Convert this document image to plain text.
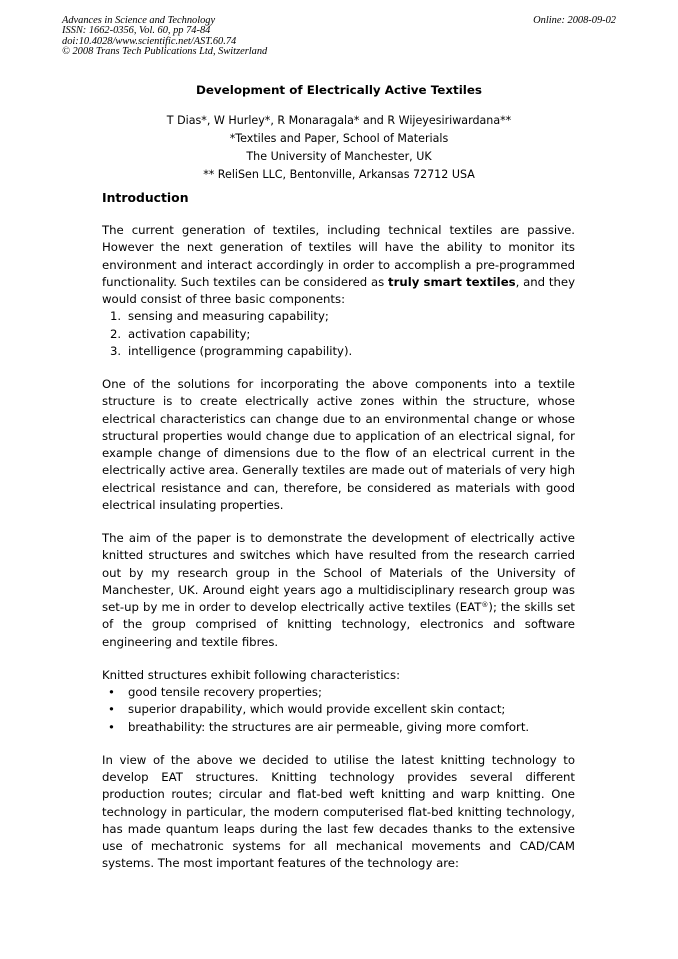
Advances in Science and Technology
ISSN: 1662-0356, Vol. 60, pp 74-84
doi:10.4028/www.scientific.net/AST.60.74
© 2008 Trans Tech Publications Ltd, Switzerland
Online: 2008-09-02
Development of Electrically Active Textiles
T Dias*, W Hurley*, R Monaragala* and R Wijeyesiriwardana**
*Textiles and Paper, School of Materials
The University of Manchester, UK
** ReliSen LLC, Bentonville, Arkansas 72712 USA
Introduction

The current generation of textiles, including technical textiles are passive. However the next generation of textiles will have the ability to monitor its environment and interact accordingly in order to accomplish a pre-programmed functionality. Such textiles can be considered as truly smart textiles, and they would consist of three basic components:

1. sensing and measuring capability;
2. activation capability;
3. intelligence (programming capability).

One of the solutions for incorporating the above components into a textile structure is to create electrically active zones within the structure, whose electrical characteristics can change due to an environmental change or whose structural properties would change due to application of an electrical signal, for example change of dimensions due to the flow of an electrical current in the electrically active area. Generally textiles are made out of materials of very high electrical resistance and can, therefore, be considered as materials with good electrical insulating properties.

The aim of the paper is to demonstrate the development of electrically active knitted structures and switches which have resulted from the research carried out by my research group in the School of Materials of the University of Manchester, UK. Around eight years ago a multidisciplinary research group was set-up by me in order to develop electrically active textiles (EAT®); the skills set of the group comprised of knitting technology, electronics and software engineering and textile fibres.

Knitted structures exhibit following characteristics:

• good tensile recovery properties;
• superior drapability, which would provide excellent skin contact;
• breathability: the structures are air permeable, giving more comfort.

In view of the above we decided to utilise the latest knitting technology to develop EAT structures. Knitting technology provides several different production routes; circular and flat-bed weft knitting and warp knitting. One technology in particular, the modern computerised flat-bed knitting technology, has made quantum leaps during the last few decades thanks to the extensive use of mechatronic systems for all mechanical movements and CAD/CAM systems. The most important features of the technology are:
